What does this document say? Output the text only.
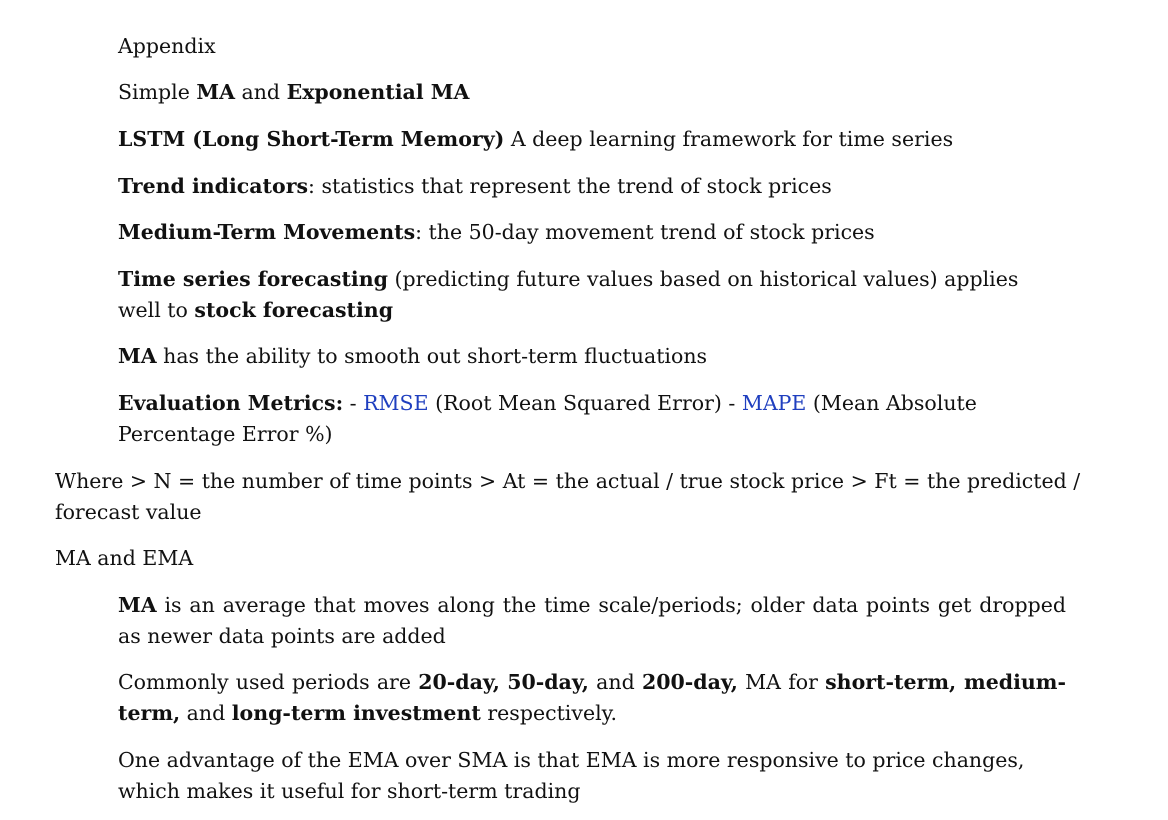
Appendix

Simple MA and Exponential MA

LSTM (Long Short-Term Memory) A deep learning framework for time series

Trend indicators: statistics that represent the trend of stock prices

Medium-Term Movements: the 50-day movement trend of stock prices

Time series forecasting (predicting future values based on historical values) applies well to stock forecasting

MA has the ability to smooth out short-term fluctuations

Evaluation Metrics: - RMSE (Root Mean Squared Error) - MAPE (Mean Absolute Percentage Error %)

Where > N = the number of time points > At = the actual / true stock price > Ft = the predicted / forecast value

MA and EMA

MA is an average that moves along the time scale/periods; older data points get dropped as newer data points are added

Commonly used periods are 20-day, 50-day, and 200-day, MA for short-term, medium-term, and long-term investment respectively.

One advantage of the EMA over SMA is that EMA is more responsive to price changes, which makes it useful for short-term trading
